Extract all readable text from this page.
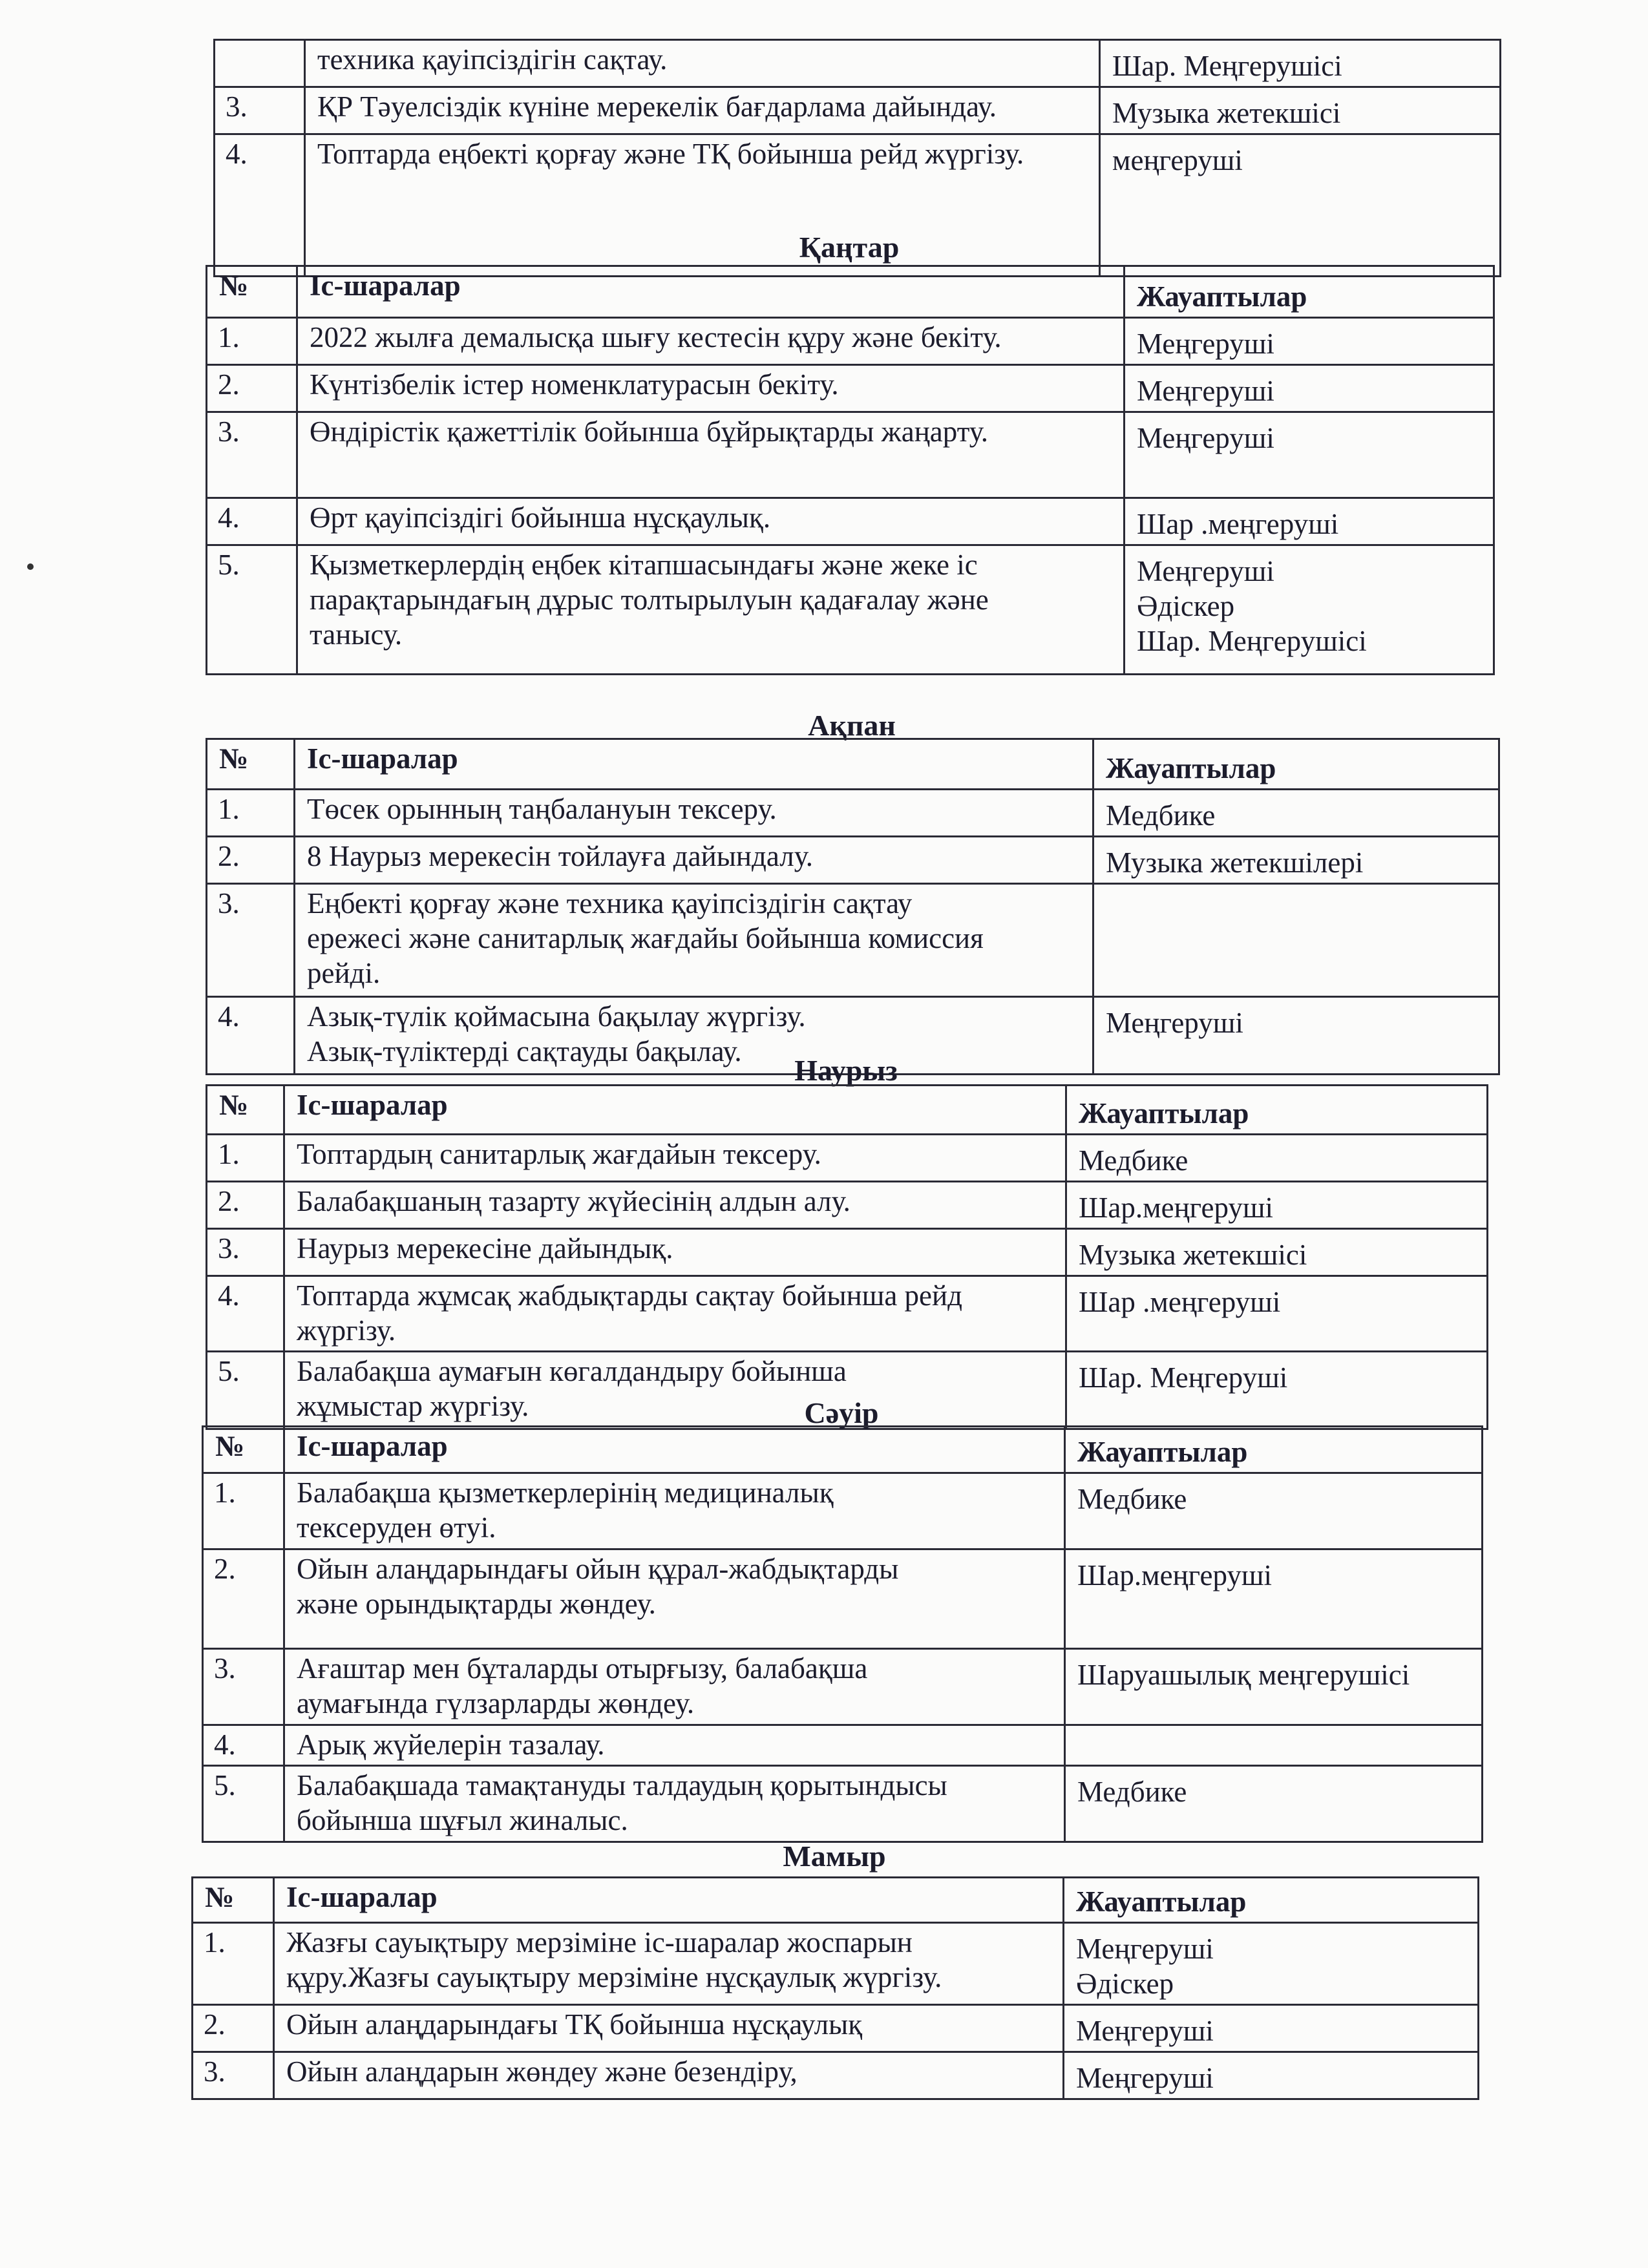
	техника қауіпсіздігін сақтау.	Шар. Меңгерушісі

3.	ҚР Тәуелсіздік күніне мерекелік бағдарлама дайындау.	Музыка жетекшісі

4.	Топтарда еңбекті қорғау және ТҚ бойынша рейд жүргізу.	меңгеруші
Қаңтар
№	Іс-шаралар	Жауаптылар
1.	2022 жылға демалысқа шығу кестесін құру және бекіту.	Меңгеруші

2.	Күнтізбелік істер номенклатурасын бекіту.	Меңгеруші

3.	Өндірістік қажеттілік бойынша бұйрықтарды жаңарту.	Меңгеруші

4.	Өрт қауіпсіздігі бойынша нұсқаулық.	Шар .меңгеруші

5.	Қызметкерлердің еңбек кітапшасындағы және жеке іс
парақтарындағың дұрыс толтырылуын қадағалау және
танысу.	Меңгеруші
Әдіскер
Шар. Меңгерушісі
Ақпан
№	Іс-шаралар	Жауаптылар
1.	Төсек орынның таңбалануын тексеру.	Медбике

2.	8 Наурыз мерекесін тойлауға дайындалу.	Музыка жетекшілері

3.	Еңбекті қорғау және техника қауіпсіздігін сақтау
ережесі және санитарлық жағдайы бойынша комиссия
рейді.	

4.	Азық-түлік қоймасына бақылау жүргізу.
Азық-түліктерді сақтауды бақылау.	Меңгеруші
Наурыз
№	Іс-шаралар	Жауаптылар
1.	Топтардың санитарлық жағдайын тексеру.	Медбике

2.	Балабақшаның тазарту жүйесінің алдын алу.	Шар.меңгеруші

3.	Наурыз мерекесіне дайындық.	Музыка жетекшісі

4.	Топтарда жұмсақ жабдықтарды сақтау бойынша рейд
жүргізу.	Шар .меңгеруші

5.	Балабақша аумағын көгалдандыру бойынша
жұмыстар жүргізу.	Шар. Меңгеруші
Сәуір
№	Іс-шаралар	Жауаптылар
1.	Балабақша қызметкерлерінің медициналық
тексеруден өтуі.	Медбике

2.	Ойын алаңдарындағы ойын құрал-жабдықтарды
және орындықтарды жөндеу.	Шар.меңгеруші

3.	Ағаштар мен бұталарды отырғызу, балабақша
аумағында гүлзарларды жөндеу.	Шаруашылық меңгерушісі

4.	Арық жүйелерін тазалау.	

5.	Балабақшада тамақтануды талдаудың қорытындысы
бойынша шұғыл жиналыс.	Медбике
Мамыр
№	Іс-шаралар	Жауаптылар
1.	Жазғы сауықтыру мерзіміне іс-шаралар жоспарын
құру.Жазғы сауықтыру мерзіміне нұсқаулық жүргізу.	Меңгеруші
Әдіскер

2.	Ойын алаңдарындағы ТҚ бойынша нұсқаулық	Меңгеруші

3.	Ойын алаңдарын жөндеу және безендіру,	Меңгеруші
